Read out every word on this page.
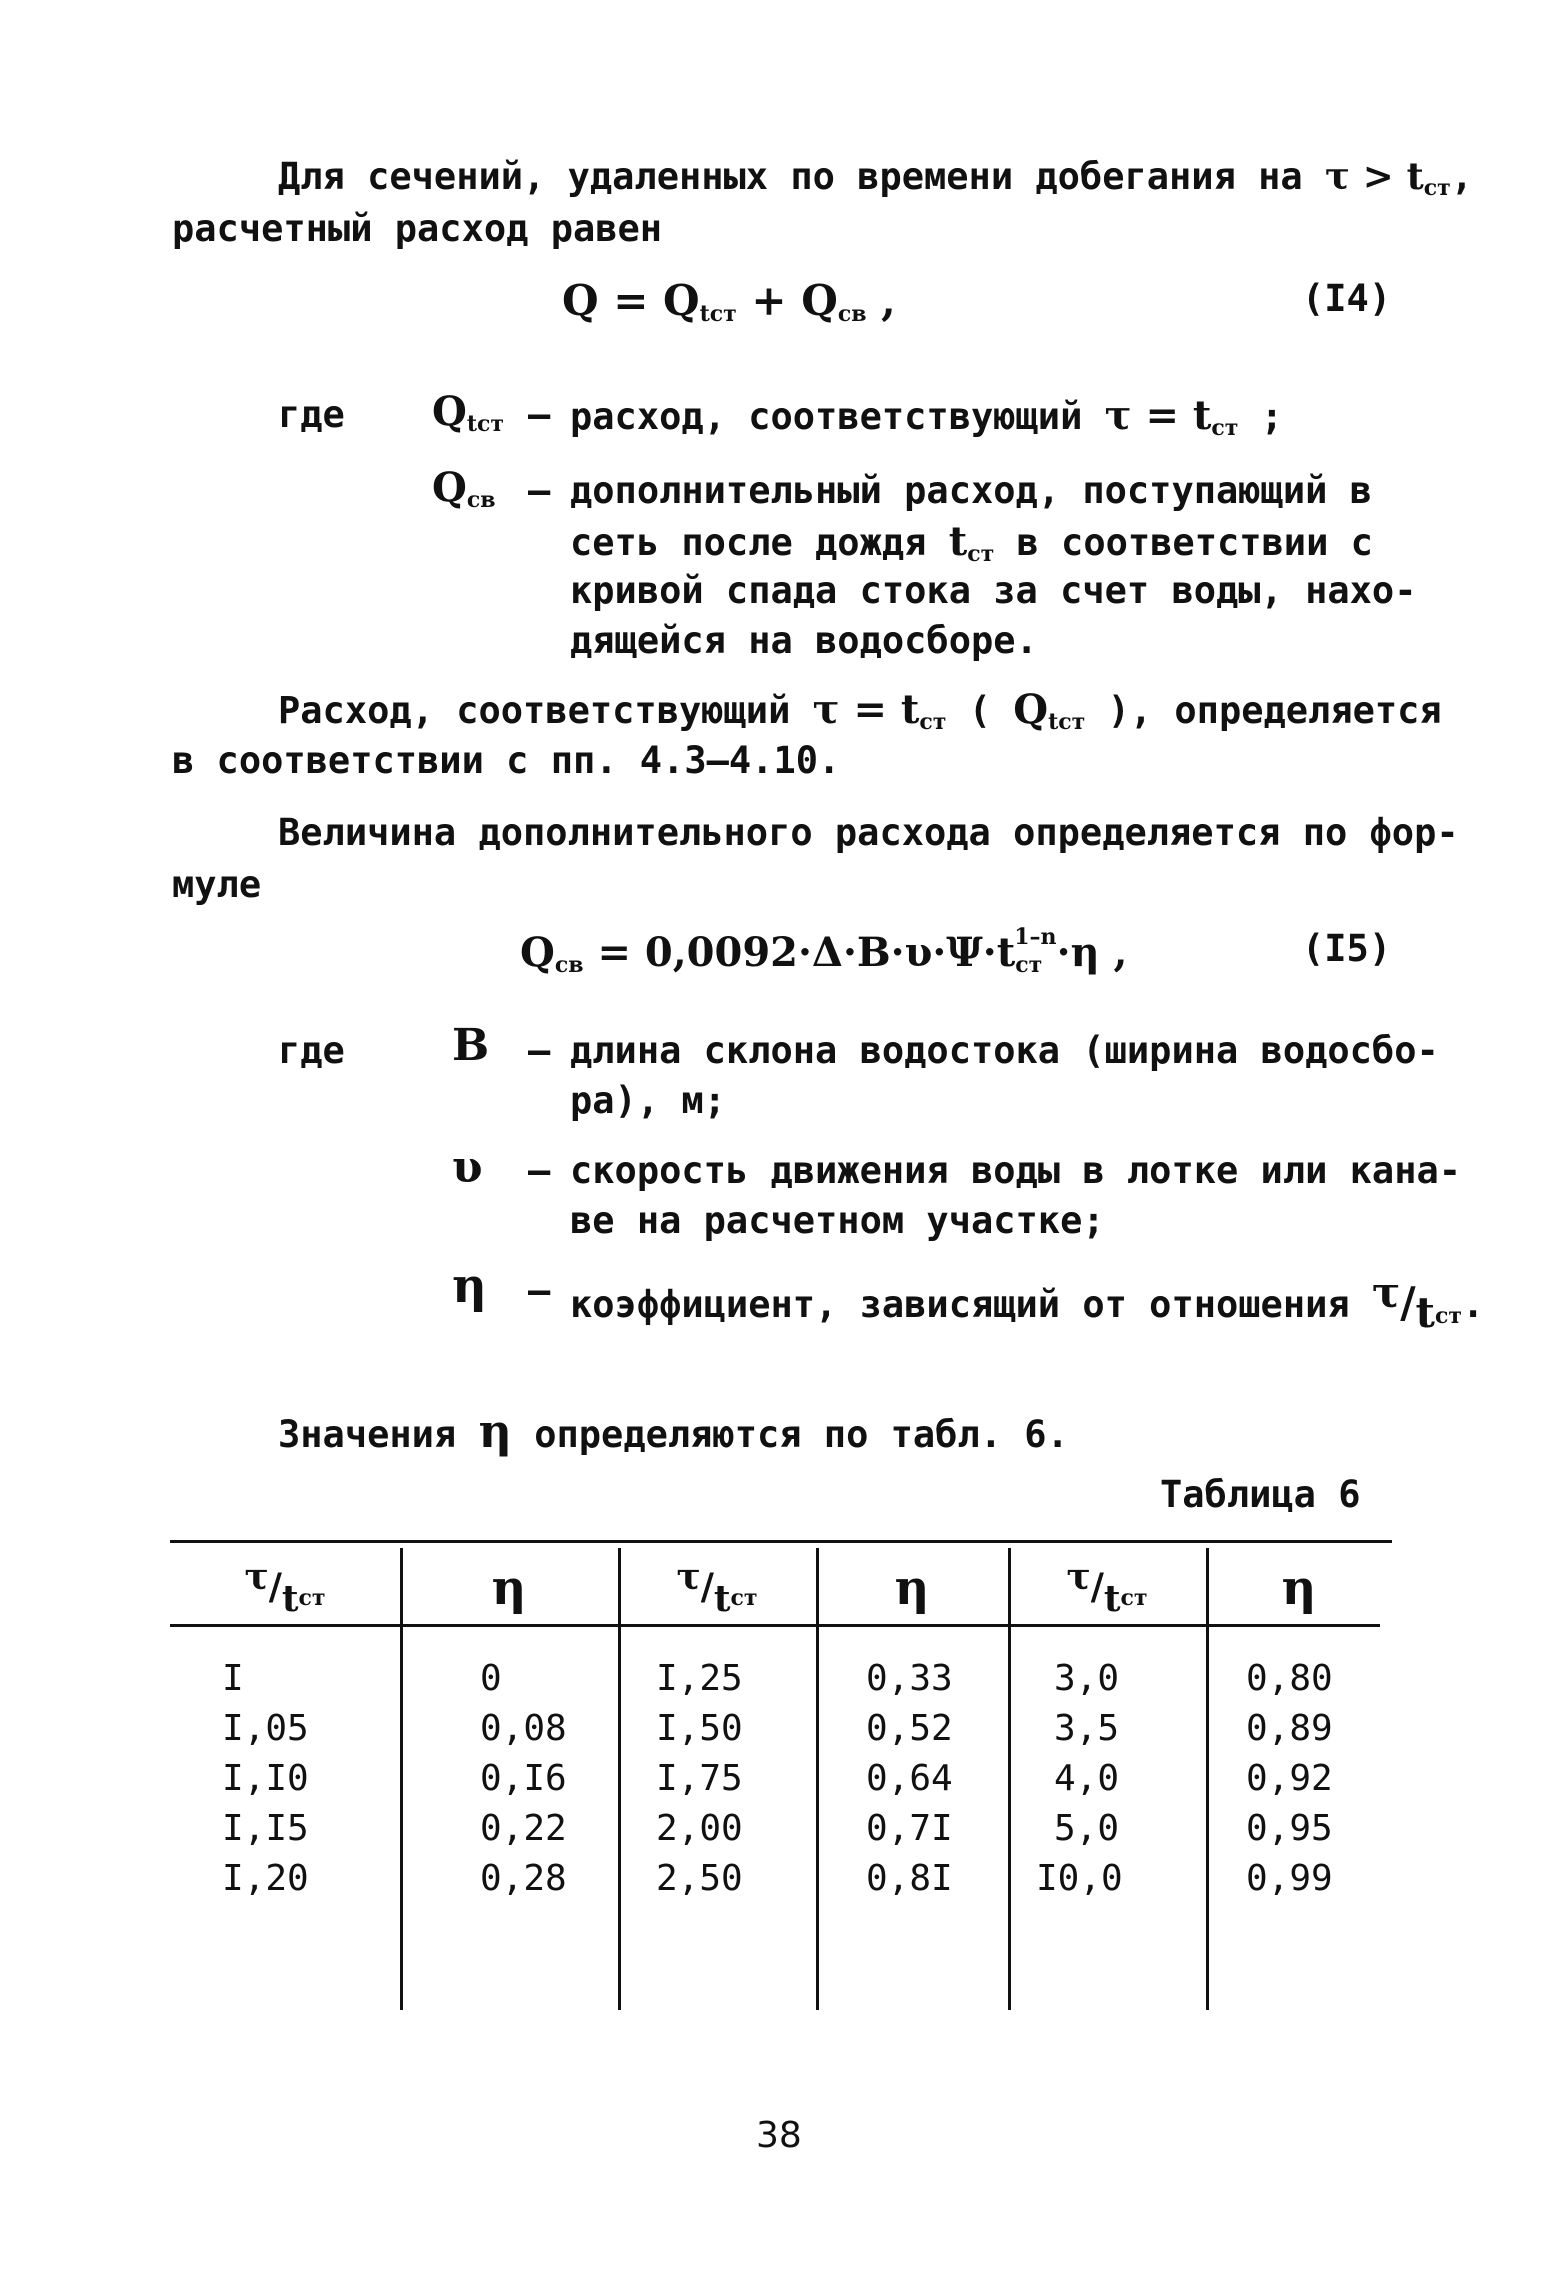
Для сечений, удаленных по времени добегания на $\tau > t_{ст}$,
расчетный расход равен
$Q = Q_{tст} + Q_{св}$ ,	(I4)
где $Q_{tст}$ – расход, соответствующий $\tau = t_{ст}$ ;
$Q_{св}$ – дополнительный расход, поступающий в
сеть после дождя $t_{ст}$ в соответствии с
кривой спада стока за счет воды, нахо-
дящейся на водосборе.
Расход, соответствующий $\tau = t_{ст}$ ( $Q_{tст}$ ), определяется
в соответствии с пп. 4.3–4.10.
Величина дополнительного расхода определяется по фор-
муле
$Q_{св} = 0,0092\cdot\Delta\cdot B\cdot\upsilon\cdot\Psi\cdot t_{ст}^{1-n}\cdot\eta$ ,	(I5)
где B – длина склона водостока (ширина водосбо-
ра), м;
υ – скорость движения воды в лотке или кана-
ве на расчетном участке;
η – коэффициент, зависящий от отношения $\tau/t_{ст}$.
Значения η определяются по табл. 6.
Таблица 6
$\tau/t_{ст}$	η	$\tau/t_{ст}$	η	$\tau/t_{ст}$	η
I	0	I,25	0,33	3,0	0,80
I,05	0,08	I,50	0,52	3,5	0,89
I,I0	0,I6	I,75	0,64	4,0	0,92
I,I5	0,22	2,00	0,7I	5,0	0,95
I,20	0,28	2,50	0,8I	I0,0	0,99
38
